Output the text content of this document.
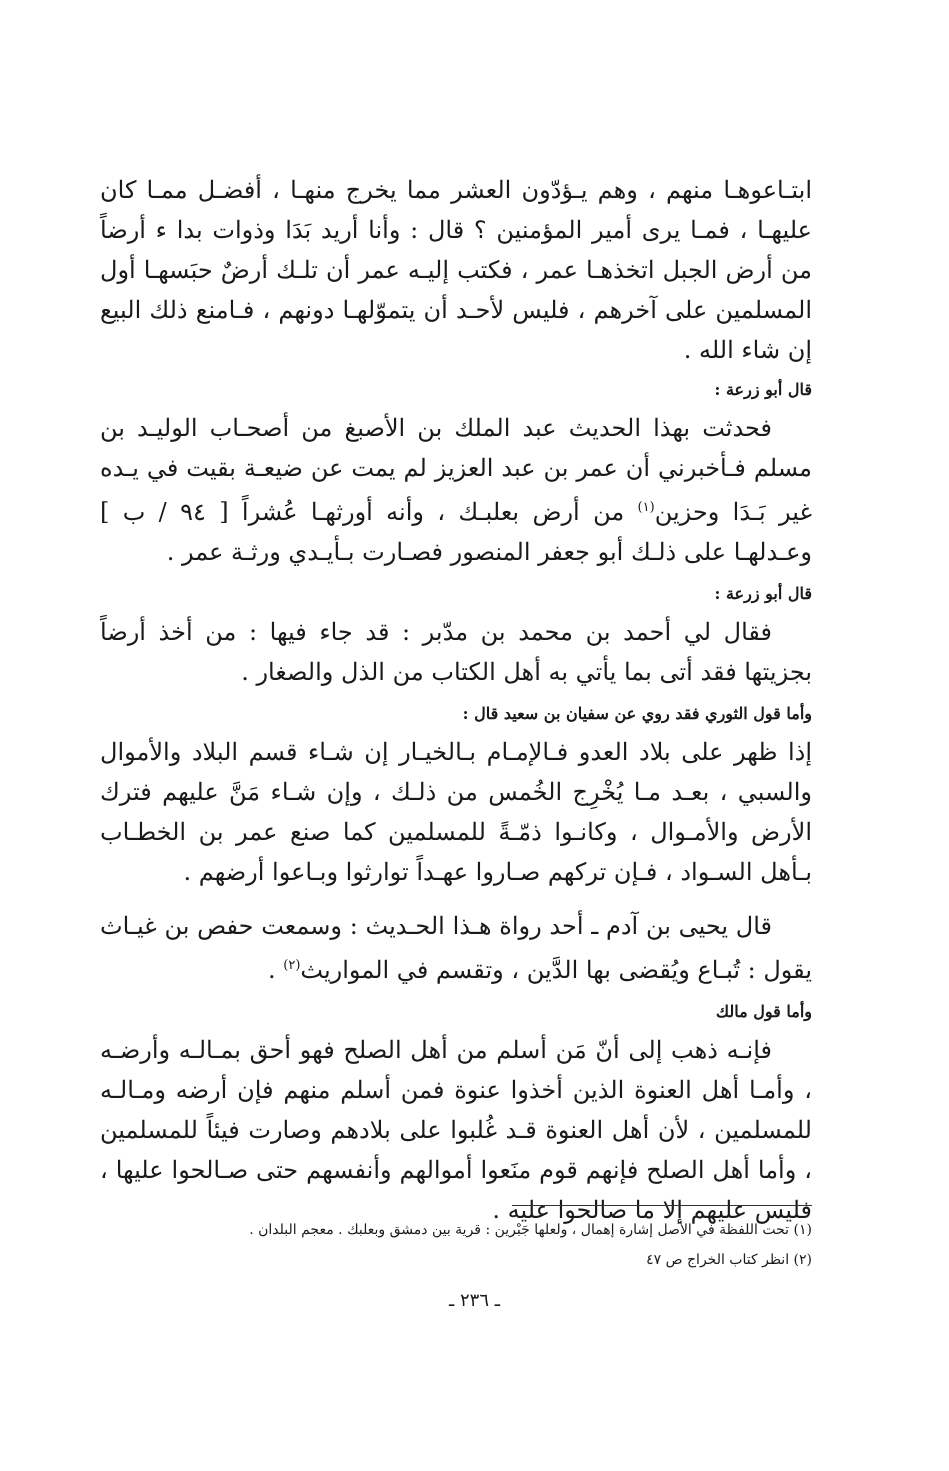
ابتـاعوهـا منهم ، وهم يـؤدّون العشر مما يخرج منهـا ، أفضـل ممـا كان عليهـا ، فمـا يرى أمير المؤمنين ؟ قال : وأنا أريد بَدَا وذوات بدا ء أرضاً من أرض الجبل اتخذهـا عمر ، فكتب إليـه عمر أن تلـك أرضٌ حبَسهـا أول المسلمين على آخرهم ، فليس لأحـد أن يتموّلهـا دونهم ، فـامنع ذلك البيع إن شاء الله .

قال أبو زرعة :

فحدثت بهذا الحديث عبد الملك بن الأصبغ من أصحـاب الوليـد بن مسلم فـأخبرني أن عمر بن عبد العزيز لم يمت عن ضيعـة بقيت في يـده غير بَـدَا وحزين$^{(١)}$ من أرض بعلبـك ، وأنه أورثهـا عُشراً [ ٩٤ / ب ] وعـدلهـا على ذلـك أبو جعفر المنصور فصـارت بـأيـدي ورثـة عمر .

قال أبو زرعة :

فقال لي أحمد بن محمد بن مدّبر : قد جاء فيها : من أخذ أرضاً بجزيتها فقد أتى بما يأتي به أهل الكتاب من الذل والصغار .

وأما قول الثوري فقد روي عن سفيان بن سعيد قال :

إذا ظهر على بلاد العدو فـالإمـام بـالخيـار إن شـاء قسم البلاد والأموال والسبي ، بعـد مـا يُخْرِج الخُمس من ذلـك ، وإن شـاء مَنَّ عليهم فترك الأرض والأمـوال ، وكانـوا ذمّـةً للمسلمين كما صنع عمر بن الخطـاب بـأهل السـواد ، فـإن تركهم صـاروا عهـداً توارثوا وبـاعوا أرضهم .

قال يحيى بن آدم ـ أحد رواة هـذا الحـديث : وسمعت حفص بن غيـاث يقول : تُبـاع ويُقضى بها الدَّين ، وتقسم في المواريث$^{(٢)}$ .

وأما قول مالك

فإنـه ذهب إلى أنّ مَن أسلم من أهل الصلح فهو أحق بمـالـه وأرضـه ، وأمـا أهل العنوة الذين أخذوا عنوة فمن أسلم منهم فإن أرضه ومـالـه للمسلمين ، لأن أهل العنوة قـد غُلبوا على بلادهم وصارت فيئاً للمسلمين ، وأما أهل الصلح فإنهم قوم منَعوا أموالهم وأنفسهم حتى صـالحوا عليها ، فليس عليهم إلا ما صالحوا عليه .

(١) تحت اللفظة في الأصل إشارة إهمال ، ولعلها جَبْرين : قرية بين دمشق وبعلبك . معجم البلدان .

(٢) انظر كتاب الخراج ص ٤٧

ـ ٢٣٦ ـ
